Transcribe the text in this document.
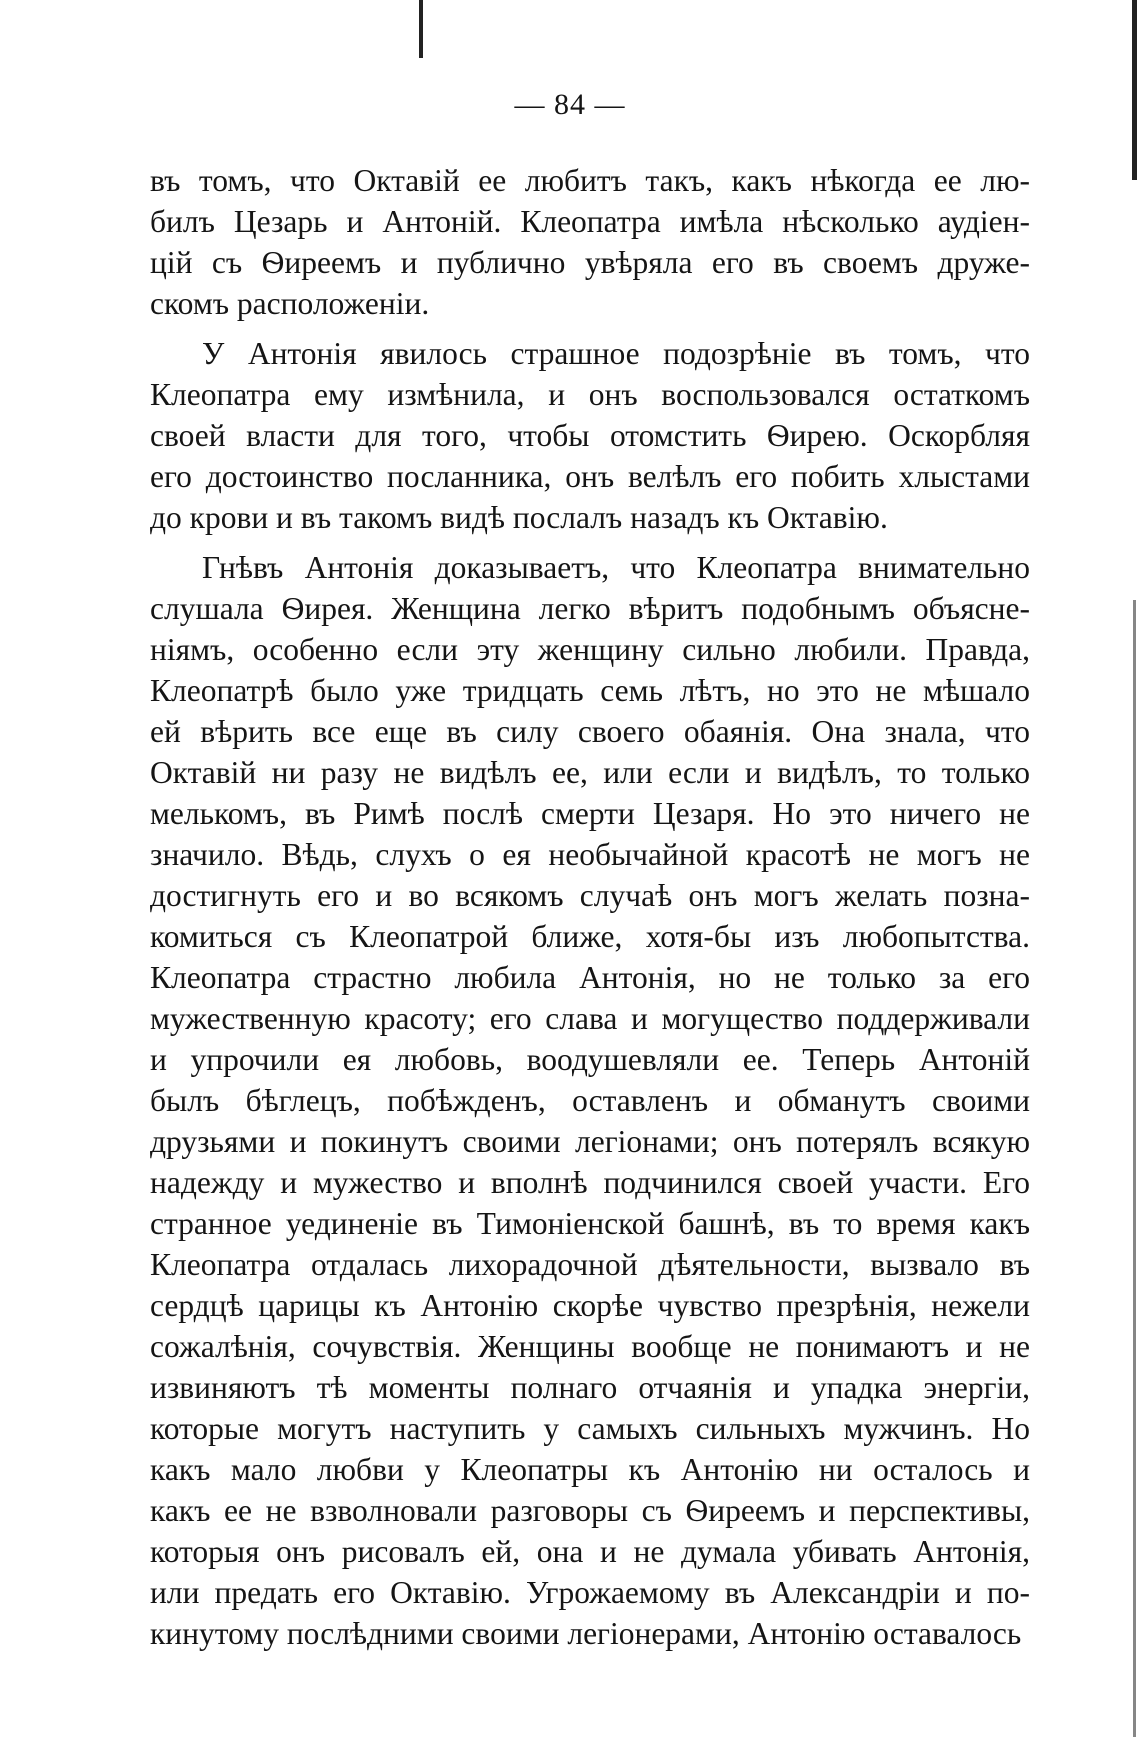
— 84 —
въ томъ, что Октавій ее любитъ такъ, какъ нѣкогда ее лю-
билъ Цезарь и Антоній. Клеопатра имѣла нѣсколько аудіен-
цій съ Ѳиреемъ и публично увѣряла его въ своемъ друже-
скомъ расположеніи.
У Антонія явилось страшное подозрѣніе въ томъ, что
Клеопатра ему измѣнила, и онъ воспользовался остаткомъ
своей власти для того, чтобы отомстить Ѳирею. Оскорбляя
его достоинство посланника, онъ велѣлъ его побить хлыстами
до крови и въ такомъ видѣ послалъ назадъ къ Октавію.
Гнѣвъ Антонія доказываетъ, что Клеопатра внимательно
слушала Ѳирея. Женщина легко вѣритъ подобнымъ объясне-
ніямъ, особенно если эту женщину сильно любили. Правда,
Клеопатрѣ было уже тридцать семь лѣтъ, но это не мѣшало
ей вѣрить все еще въ силу своего обаянія. Она знала, что
Октавій ни разу не видѣлъ ее, или если и видѣлъ, то только
мелькомъ, въ Римѣ послѣ смерти Цезаря. Но это ничего не
значило. Вѣдь, слухъ о ея необычайной красотѣ не могъ не
достигнуть его и во всякомъ случаѣ онъ могъ желать позна-
комиться съ Клеопатрой ближе, хотя-бы изъ любопытства.
Клеопатра страстно любила Антонія, но не только за его
мужественную красоту; его слава и могущество поддерживали
и упрочили ея любовь, воодушевляли ее. Теперь Антоній
былъ бѣглецъ, побѣжденъ, оставленъ и обманутъ своими
друзьями и покинутъ своими легіонами; онъ потерялъ всякую
надежду и мужество и вполнѣ подчинился своей участи. Его
странное уединеніе въ Тимоніенской башнѣ, въ то время какъ
Клеопатра отдалась лихорадочной дѣятельности, вызвало въ
сердцѣ царицы къ Антонію скорѣе чувство презрѣнія, нежели
сожалѣнія, сочувствія. Женщины вообще не понимаютъ и не
извиняютъ тѣ моменты полнаго отчаянія и упадка энергіи,
которые могутъ наступить у самыхъ сильныхъ мужчинъ. Но
какъ мало любви у Клеопатры къ Антонію ни осталось и
какъ ее не взволновали разговоры съ Ѳиреемъ и перспективы,
которыя онъ рисовалъ ей, она и не думала убивать Антонія,
или предать его Октавію. Угрожаемому въ Александріи и по-
кинутому послѣдними своими легіонерами, Антонію оставалось
